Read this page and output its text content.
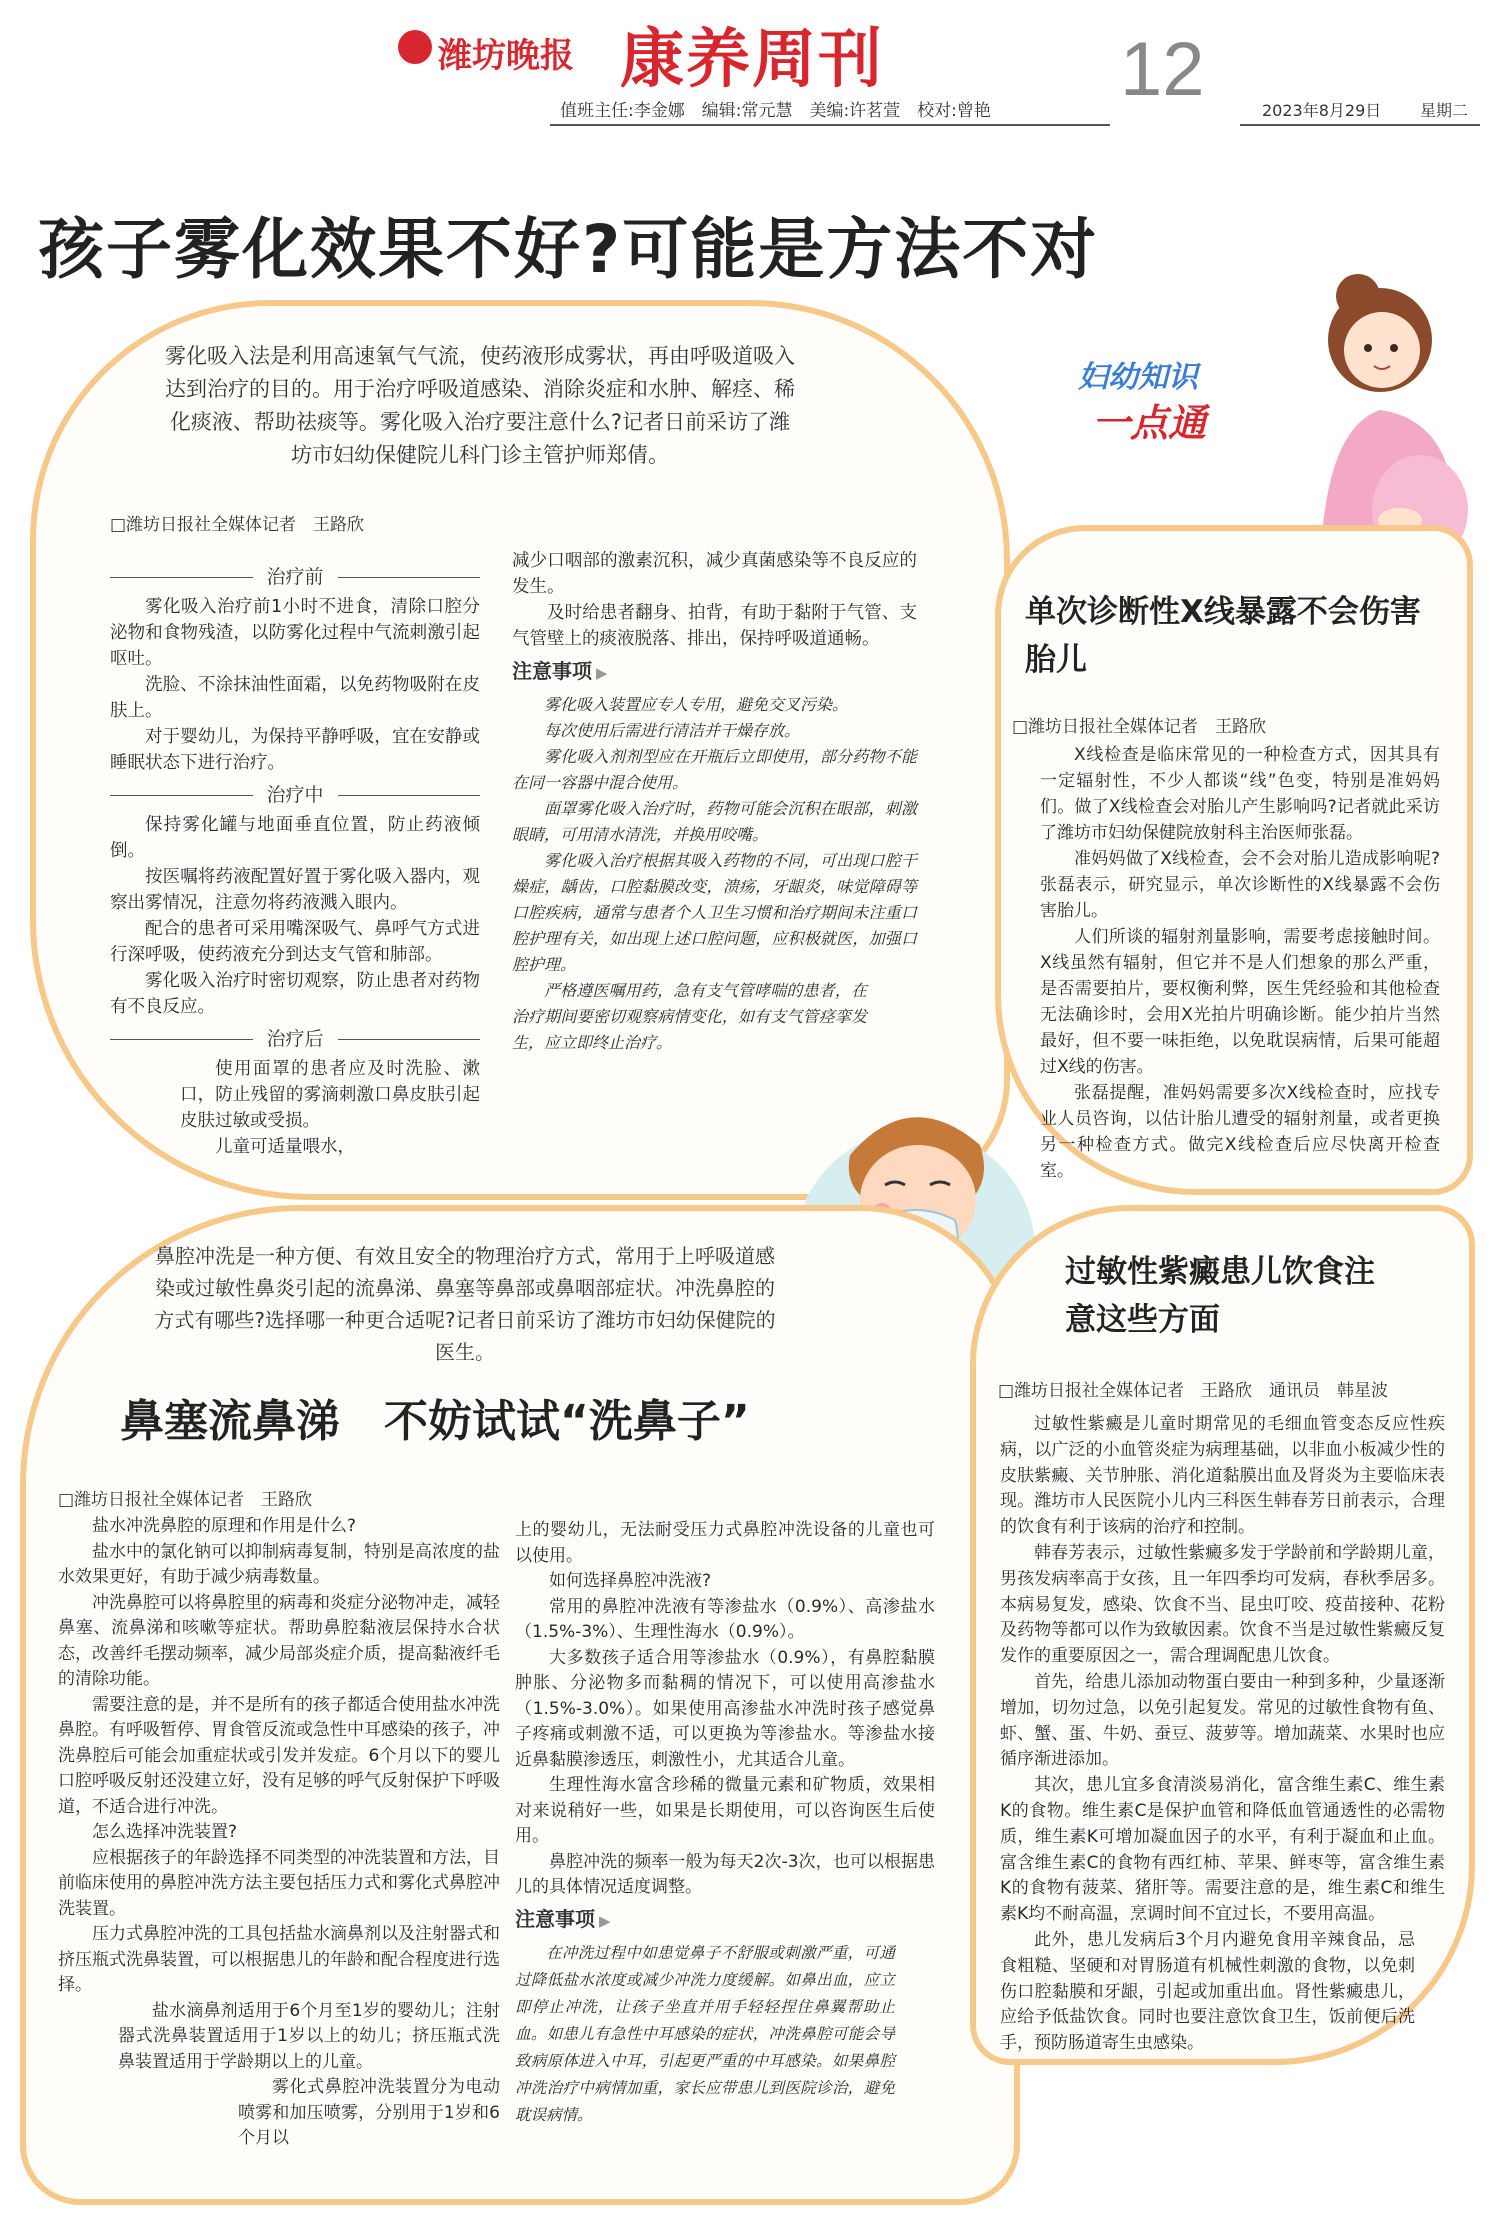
潍坊晚报 康养周刊
值班主任:李金娜　编辑:常元慧　美编:许茗萱　校对:曾艳 12	2023年8月29日 星期二
孩子雾化效果不好?可能是方法不对
雾化吸入法是利用高速氧气气流，使药液形成雾状，再由呼吸道吸入达到治疗的目的。用于治疗呼吸道感染、消除炎症和水肿、解痉、稀化痰液、帮助祛痰等。雾化吸入治疗要注意什么?记者日前采访了潍坊市妇幼保健院儿科门诊主管护师郑倩。
□潍坊日报社全媒体记者　王路欣
治疗前

雾化吸入治疗前1小时不进食，清除口腔分泌物和食物残渣，以防雾化过程中气流刺激引起呕吐。

洗脸、不涂抹油性面霜，以免药物吸附在皮肤上。

对于婴幼儿，为保持平静呼吸，宜在安静或睡眠状态下进行治疗。

治疗中

保持雾化罐与地面垂直位置，防止药液倾倒。

按医嘱将药液配置好置于雾化吸入器内，观察出雾情况，注意勿将药液溅入眼内。

配合的患者可采用嘴深吸气、鼻呼气方式进行深呼吸，使药液充分到达支气管和肺部。

雾化吸入治疗时密切观察，防止患者对药物有不良反应。

治疗后

使用面罩的患者应及时洗脸、漱口，防止残留的雾滴刺激口鼻皮肤引起皮肤过敏或受损。

儿童可适量喂水，

减少口咽部的激素沉积，减少真菌感染等不良反应的发生。

及时给患者翻身、拍背，有助于黏附于气管、支气管壁上的痰液脱落、排出，保持呼吸道通畅。

注意事项 ▶

雾化吸入装置应专人专用，避免交叉污染。

每次使用后需进行清洁并干燥存放。

雾化吸入剂剂型应在开瓶后立即使用，部分药物不能在同一容器中混合使用。

面罩雾化吸入治疗时，药物可能会沉积在眼部，刺激眼睛，可用清水清洗，并换用咬嘴。

雾化吸入治疗根据其吸入药物的不同，可出现口腔干燥症，龋齿，口腔黏膜改变，溃疡，牙龈炎，味觉障碍等口腔疾病，通常与患者个人卫生习惯和治疗期间未注重口腔护理有关，如出现上述口腔问题，应积极就医，加强口腔护理。

严格遵医嘱用药，急有支气管哮喘的患者，在治疗期间要密切观察病情变化，如有支气管痉挛发生，应立即终止治疗。

妇幼知识
一点通
单次诊断性X线暴露不会伤害胎儿
□潍坊日报社全媒体记者　王路欣

X线检查是临床常见的一种检查方式，因其具有一定辐射性，不少人都谈“线”色变，特别是准妈妈们。做了X线检查会对胎儿产生影响吗?记者就此采访了潍坊市妇幼保健院放射科主治医师张磊。

准妈妈做了X线检查，会不会对胎儿造成影响呢?张磊表示，研究显示，单次诊断性的X线暴露不会伤害胎儿。

人们所谈的辐射剂量影响，需要考虑接触时间。X线虽然有辐射，但它并不是人们想象的那么严重，是否需要拍片，要权衡利弊，医生凭经验和其他检查无法确诊时，会用X光拍片明确诊断。能少拍片当然最好，但不要一味拒绝，以免耽误病情，后果可能超过X线的伤害。

张磊提醒，准妈妈需要多次X线检查时，应找专业人员咨询，以估计胎儿遭受的辐射剂量，或者更换另一种检查方式。做完X线检查后应尽快离开检查室。

鼻腔冲洗是一种方便、有效且安全的物理治疗方式，常用于上呼吸道感染或过敏性鼻炎引起的流鼻涕、鼻塞等鼻部或鼻咽部症状。冲洗鼻腔的方式有哪些?选择哪一种更合适呢?记者日前采访了潍坊市妇幼保健院的医生。
鼻塞流鼻涕　不妨试试“洗鼻子”
□潍坊日报社全媒体记者　王路欣

盐水冲洗鼻腔的原理和作用是什么?

盐水中的氯化钠可以抑制病毒复制，特别是高浓度的盐水效果更好，有助于减少病毒数量。

冲洗鼻腔可以将鼻腔里的病毒和炎症分泌物冲走，减轻鼻塞、流鼻涕和咳嗽等症状。帮助鼻腔黏液层保持水合状态，改善纤毛摆动频率，减少局部炎症介质，提高黏液纤毛的清除功能。

需要注意的是，并不是所有的孩子都适合使用盐水冲洗鼻腔。有呼吸暂停、胃食管反流或急性中耳感染的孩子，冲洗鼻腔后可能会加重症状或引发并发症。6个月以下的婴儿口腔呼吸反射还没建立好，没有足够的呼气反射保护下呼吸道，不适合进行冲洗。

怎么选择冲洗装置?

应根据孩子的年龄选择不同类型的冲洗装置和方法，目前临床使用的鼻腔冲洗方法主要包括压力式和雾化式鼻腔冲洗装置。

压力式鼻腔冲洗的工具包括盐水滴鼻剂以及注射器式和挤压瓶式洗鼻装置，可以根据患儿的年龄和配合程度进行选择。

盐水滴鼻剂适用于6个月至1岁的婴幼儿；注射器式洗鼻装置适用于1岁以上的幼儿；挤压瓶式洗鼻装置适用于学龄期以上的儿童。

雾化式鼻腔冲洗装置分为电动喷雾和加压喷雾，分别用于1岁和6个月以

上的婴幼儿，无法耐受压力式鼻腔冲洗设备的儿童也可以使用。

如何选择鼻腔冲洗液?

常用的鼻腔冲洗液有等渗盐水（0.9%）、高渗盐水（1.5%-3%）、生理性海水（0.9%）。

大多数孩子适合用等渗盐水（0.9%），有鼻腔黏膜肿胀、分泌物多而黏稠的情况下，可以使用高渗盐水（1.5%-3.0%）。如果使用高渗盐水冲洗时孩子感觉鼻子疼痛或刺激不适，可以更换为等渗盐水。等渗盐水接近鼻黏膜渗透压，刺激性小，尤其适合儿童。

生理性海水富含珍稀的微量元素和矿物质，效果相对来说稍好一些，如果是长期使用，可以咨询医生后使用。

鼻腔冲洗的频率一般为每天2次-3次，也可以根据患儿的具体情况适度调整。

注意事项 ▶

在冲洗过程中如患觉鼻子不舒服或刺激严重，可通过降低盐水浓度或减少冲洗力度缓解。如鼻出血，应立即停止冲洗，让孩子坐直并用手轻轻捏住鼻翼帮助止血。如患儿有急性中耳感染的症状，冲洗鼻腔可能会导致病原体进入中耳，引起更严重的中耳感染。如果鼻腔冲洗治疗中病情加重，家长应带患儿到医院诊治，避免耽误病情。

过敏性紫癜患儿饮食注意这些方面
□潍坊日报社全媒体记者　王路欣　通讯员　韩星波

过敏性紫癜是儿童时期常见的毛细血管变态反应性疾病，以广泛的小血管炎症为病理基础，以非血小板减少性的皮肤紫癜、关节肿胀、消化道黏膜出血及肾炎为主要临床表现。潍坊市人民医院小儿内三科医生韩春芳日前表示，合理的饮食有利于该病的治疗和控制。

韩春芳表示，过敏性紫癜多发于学龄前和学龄期儿童，男孩发病率高于女孩，且一年四季均可发病，春秋季居多。本病易复发，感染、饮食不当、昆虫叮咬、疫苗接种、花粉及药物等都可以作为致敏因素。饮食不当是过敏性紫癜反复发作的重要原因之一，需合理调配患儿饮食。

首先，给患儿添加动物蛋白要由一种到多种，少量逐渐增加，切勿过急，以免引起复发。常见的过敏性食物有鱼、虾、蟹、蛋、牛奶、蚕豆、菠萝等。增加蔬菜、水果时也应循序渐进添加。

其次，患儿宜多食清淡易消化，富含维生素C、维生素K的食物。维生素C是保护血管和降低血管通透性的必需物质，维生素K可增加凝血因子的水平，有利于凝血和止血。富含维生素C的食物有西红柿、苹果、鲜枣等，富含维生素K的食物有菠菜、猪肝等。需要注意的是，维生素C和维生素K均不耐高温，烹调时间不宜过长，不要用高温。

此外，患儿发病后3个月内避免食用辛辣食品，忌食粗糙、坚硬和对胃肠道有机械性刺激的食物，以免刺伤口腔黏膜和牙龈，引起或加重出血。肾性紫癜患儿，应给予低盐饮食。同时也要注意饮食卫生，饭前便后洗手，预防肠道寄生虫感染。
